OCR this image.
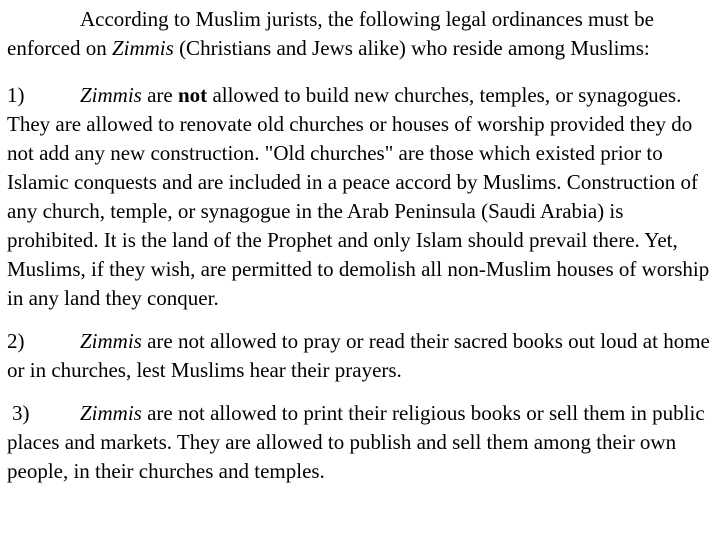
According to Muslim jurists, the following legal ordinances must be enforced on Zimmis (Christians and Jews alike) who reside among Muslims:

1)	Zimmis are not allowed to build new churches, temples, or synagogues. They are allowed to renovate old churches or houses of worship provided they do not add any new construction. "Old churches" are those which existed prior to Islamic conquests and are included in a peace accord by Muslims. Construction of any church, temple, or synagogue in the Arab Peninsula (Saudi Arabia) is prohibited. It is the land of the Prophet and only Islam should prevail there. Yet, Muslims, if they wish, are permitted to demolish all non-Muslim houses of worship in any land they conquer.

2)	Zimmis are not allowed to pray or read their sacred books out loud at home or in churches, lest Muslims hear their prayers.

3) Zimmis are not allowed to print their religious books or sell them in public places and markets. They are allowed to publish and sell them among their own people, in their churches and temples.
